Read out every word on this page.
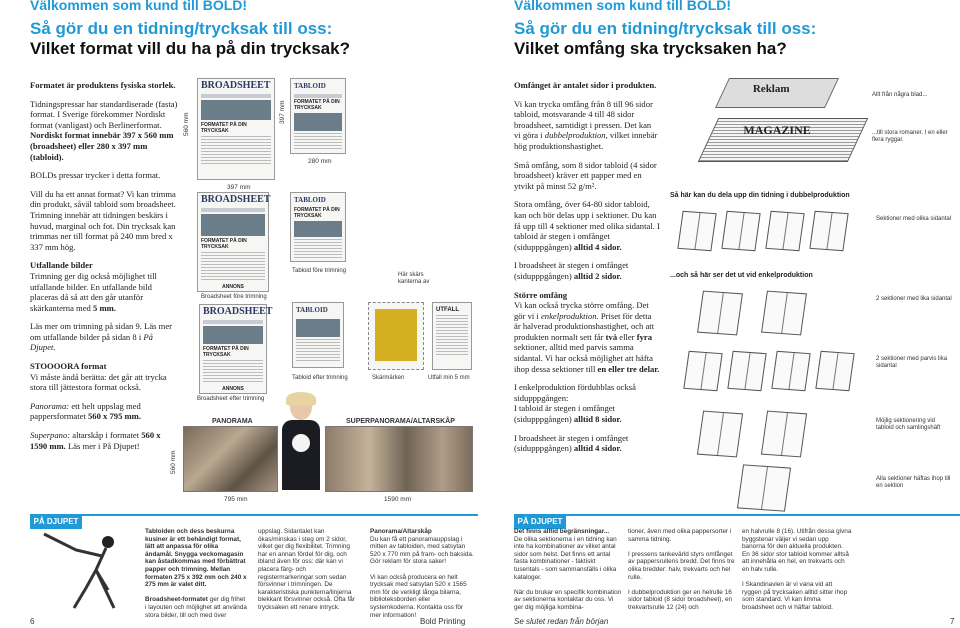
Välkommen som kund till BOLD!
Så gör du en tidning/trycksak till oss:
Vilket format vill du ha på din trycksak?

Formatet är produktens fysiska storlek.

Tidningspressar har standardiserade (fasta) format. I Sverige förekommer Nordiskt format (vanligast) och Berlinerformat. Nordiskt format innebär 397 x 560 mm (broadsheet) eller 280 x 397 mm (tabloid).

BOLDs pressar trycker i detta format.

Vill du ha ett annat format? Vi kan trimma din produkt, såväl tabloid som broadsheet. Trimning innebär att tidningen beskärs i huvud, marginal och fot. Din trycksak kan trimmas ner till format på 240 mm bred x 337 mm hög.

Utfallande bilder
Trimning ger dig också möjlighet till utfallande bilder. En utfallande bild placeras då så att den går utanför skärkanterna med 5 mm.

Läs mer om trimning på sidan 9. Läs mer om utfallande bilder på sidan 8 i På Djupet.

STOOOORA format
Vi måste ändå berätta: det går att trycka stora till jättestora format också.

Panorama: ett helt uppslag med pappersformatet 560 x 795 mm.

Superpano: altarskåp i formatet 560 x 1590 mm. Läs mer i På Djupet!

BROADSHEET
FORMATET PÅ DIN TRYCKSAK
560 mm
TABLOID
FORMATET PÅ DIN TRYCKSAK
397 mm
280 mm
397 mm
BROADSHEET
FORMATET PÅ DIN TRYCKSAK
ANNONS
Broadsheet före trimning
TABLOID
FORMATET PÅ DIN TRYCKSAK
Tabloid före trimning
Här skärs kanterna av
BROADSHEET
FORMATET PÅ DIN TRYCKSAK
ANNONS
Broadsheet efter trimning
TABLOID
Tabloid efter trimning	Skärmärken
UTFALL
Utfall min 5 mm
PANORAMA
560 mm
795 mm
SUPERPANORAMA/ALTARSKÅP
1590 mm
PÅ DJUPET
Tabloiden och dess beskurna kusiner är ett behändigt format, lätt att anpassa för olika ändamål. Snygga veckomagasin kan åstadkommas med förbättrat papper och trimning. Mellan formaten 275 x 392 mm och 240 x 275 mm är valet ditt.

Broadsheet-formatet ger dig frihet i layouten och möjlighet att använda stora bilder, till och med över
uppslag. Sidantalet kan ökas/minskas i steg om 2 sidor, vilket ger dig flexibilitet. Trimning har en annan fördel för dig, och ibland även för oss: där kan vi placera färg- och registermarkeringar som sedan försvinner i trimningen. De karakteristiska punkterna/linjerna blekkant försvinner också. Ofta får trycksaken ett renare intryck.
Panorama/Altarskåp
Du kan få ett panoramauppslag i mitten av tabloiden, med satsytan 520 x 770 mm på fram- och baksida. Gör reklam för stora saker!

Vi kan också producera en helt trycksak med satsytan 520 x 1565 mm för de verkligt långa bilarna, biblioteksborden eller systemkoderna. Kontakta oss för mer information!
6	Bold Printing
Välkommen som kund till BOLD!
Så gör du en tidning/trycksak till oss:
Vilket omfång ska trycksaken ha?

Omfånget är antalet sidor i produkten.

Vi kan trycka omfång från 8 till 96 sidor tabloid, motsvarande 4 till 48 sidor broadsheet, samtidigt i pressen. Det kan vi göra i dubbelproduktion, vilket innebär hög produktionshastighet.

Små omfång, som 8 sidor tabloid (4 sidor broadsheet) kräver ett papper med en ytvikt på minst 52 g/m².

Stora omfång, över 64-80 sidor tabloid, kan och bör delas upp i sektioner. Du kan få upp till 4 sektioner med olika sidantal. I tabloid är stegen i omfånget (sidupppgången) alltid 4 sidor.

I broadsheet är stegen i omfånget (sidupppgången) alltid 2 sidor.

Större omfång
Vi kan också trycka större omfång. Det gör vi i enkelproduktion. Priset för detta är halverad produktionshastighet, och att produkten normalt sett får två eller fyra sektioner, alltid med parvis samma sidantal. Vi har också möjlighet att häfta ihop dessa sektioner till en eller tre delar.

I enkelproduktion fördubblas också sidupppgången:
I tabloid är stegen i omfånget (sidupppgången) alltid 8 sidor.

I broadsheet är stegen i omfånget (sidupppgången) alltid 4 sidor.

Reklam	Allt från några blad...
MAGAZINE	...till stora romaner. I en eller flera ryggar.
Så här kan du dela upp din tidning i dubbelproduktion
Sektioner med olika sidantal
...och så här ser det ut vid enkelproduktion
2 sektioner med lika sidantal
2 sektioner med parvis lika sidantal
Möjlig sektionering vid tabloid och samlingshäft
Alla sektioner häftas ihop till en sektion
PÅ DJUPET
Det finns alltid begränsningar...
De olika sektionerna i en tidning kan inte ha kombinationer av vilket antal sidor som helst. Det finns ett antal fasta kombinationer - faktiskt tusentals - som sammanställs i olika kataloger.

När du brukar en specifik kombination av sektionerna kontaktar du oss. Vi ger dig möjliga kombina-
tioner, även med olika pappersorter i samma tidning.

I pressens tankevärld styrs omfånget av pappersrullens bredd. Det finns tre olika bredder: halv, trekvarts och hel rulle.

I dubbelproduktion ger en helrulle 16 sidor tabloid (8 sidor broadsheet), en trekvartsrulle 12 (24) och
en halvrulle 8 (16). Utifrån dessa givna byggstenar väljer vi sedan upp banorna för den aktuella produkten. En 36 sidor stor tabloid kommer alltså att innehålla en hel, en trekvarts och en halv rulle.

I Skandinavien är vi vana vid att ryggen på trycksaken alltid sitter ihop som standard. Vi kan limma broadsheet och vi häftar tabloid.
Se slutet redan från början	7
